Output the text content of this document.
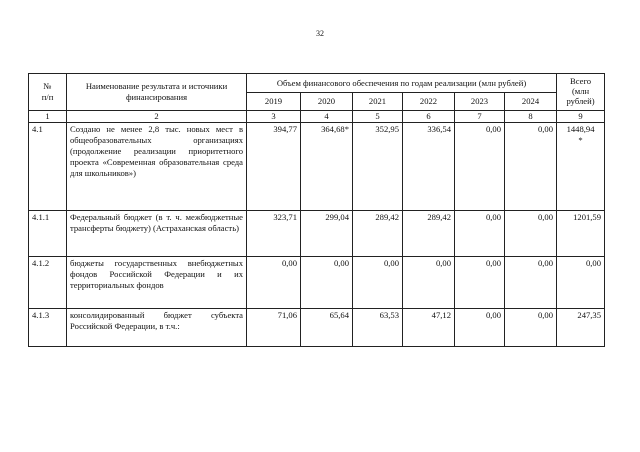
32
№
п/п	Наименование результата и источники финансирования	Объем финансового обеспечения по годам реализации (млн рублей)						Всего
(млн
рублей)
		2019	2020	2021	2022	2023	2024	
1	2	3	4	5	6	7	8	9
4.1	Создано не менее 2,8 тыс. новых мест в общеобразовательных организациях (продолжение реализации приоритетного проекта «Современная образовательная среда для школьников»)	394,77	364,68*	352,95	336,54	0,00	0,00	1448,94
*
4.1.1	Федеральный бюджет (в т. ч. межбюджетные трансферты бюджету) (Астраханская область)	323,71	299,04	289,42	289,42	0,00	0,00	1201,59
4.1.2	бюджеты государственных внебюджетных фондов Российской Федерации и их территориальных фондов	0,00	0,00	0,00	0,00	0,00	0,00	0,00
4.1.3	консолидированный бюджет субъекта Российской Федерации, в т.ч.:	71,06	65,64	63,53	47,12	0,00	0,00	247,35
